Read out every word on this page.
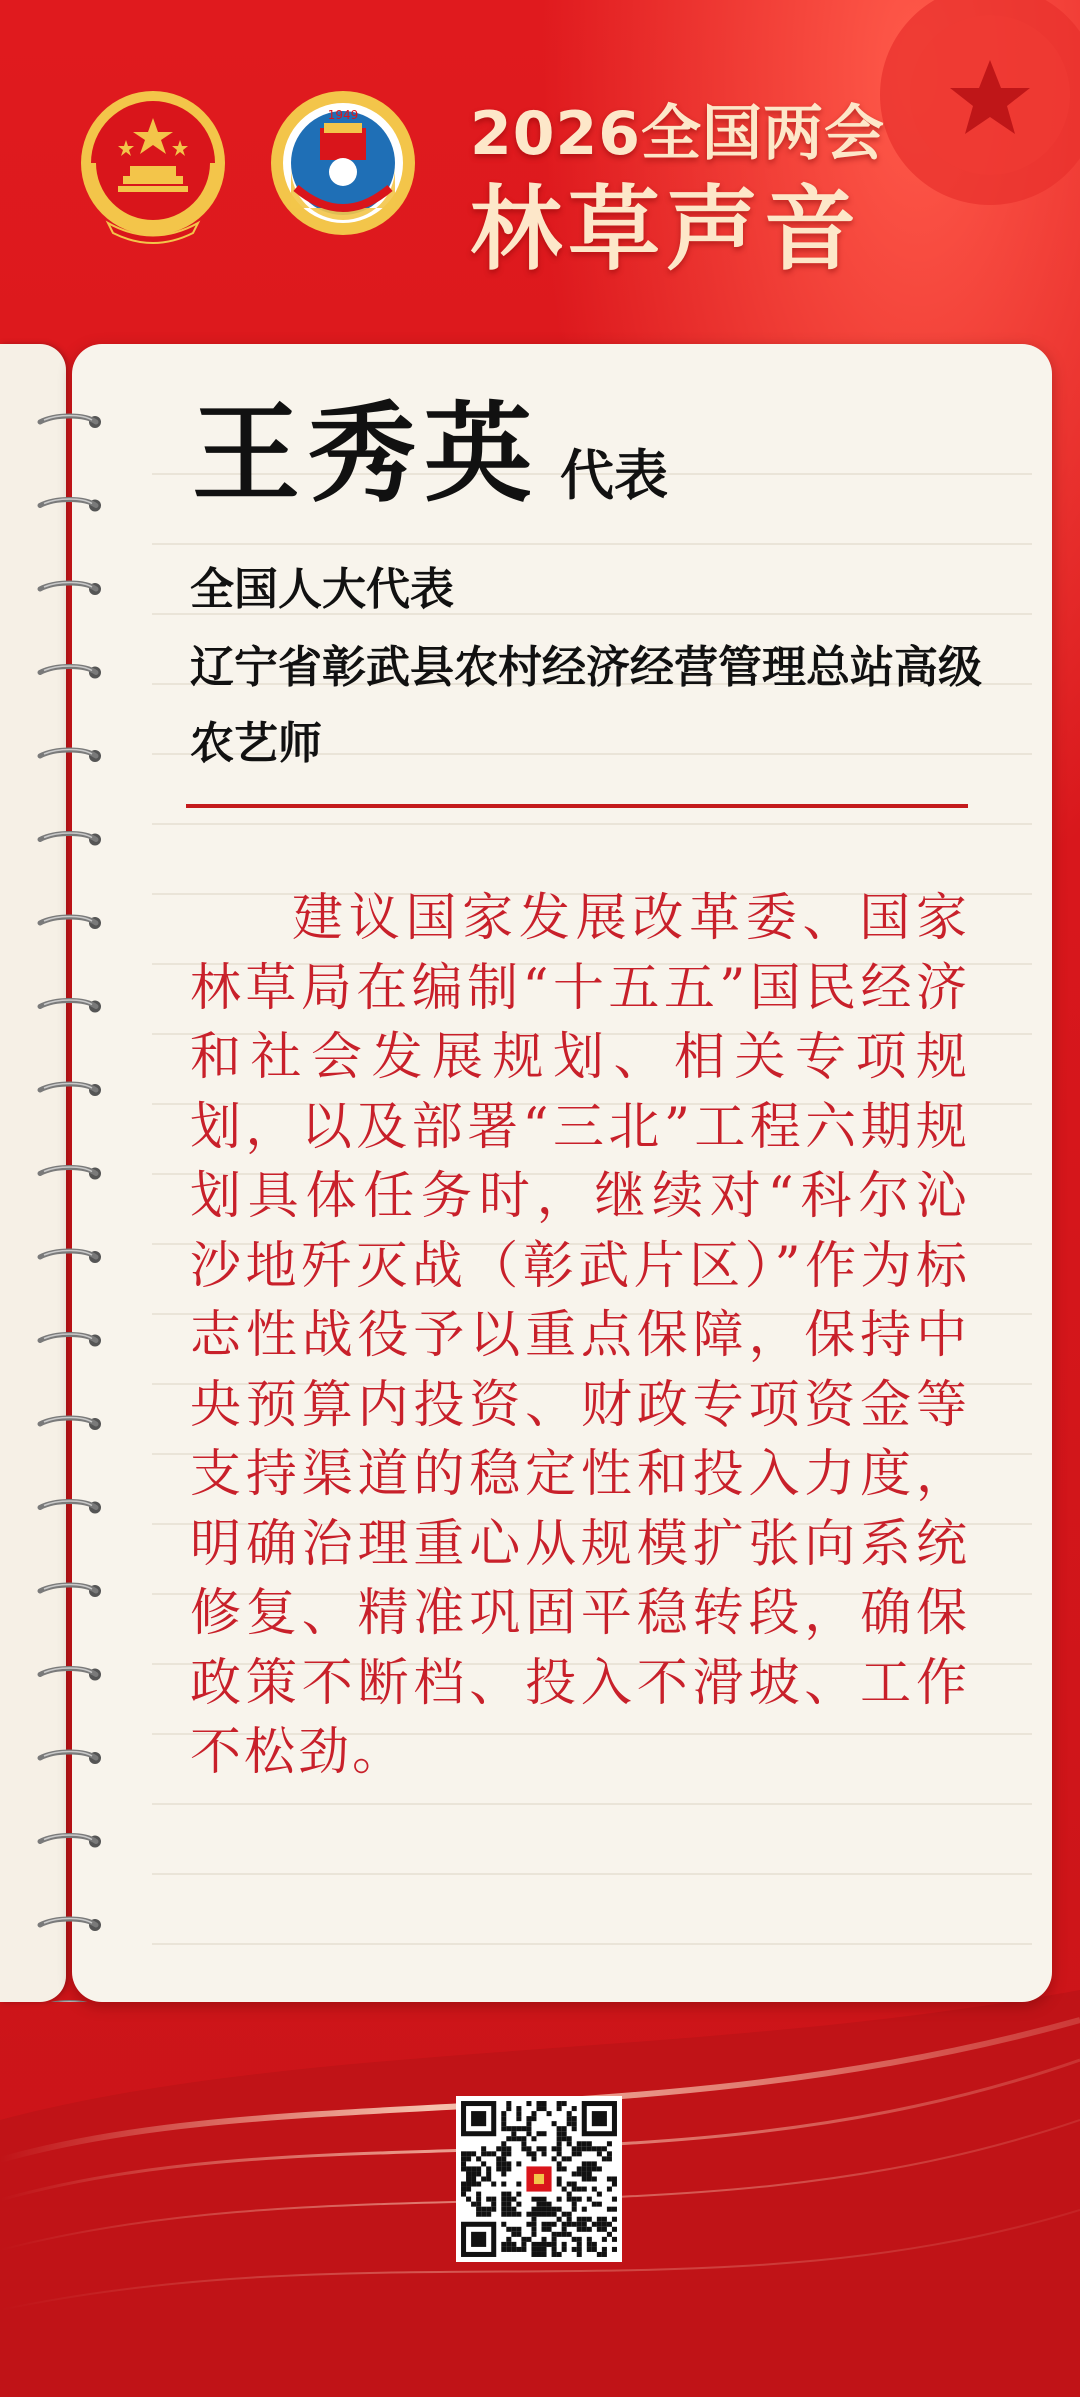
1949 2026全国两会
林草声音
王秀英 代表
全国人大代表
辽宁省彰武县农村经济经营管理总站高级
农艺师
建议国家发展改革委、国家林草局在编制“十五五”国民经济和社会发展规划、相关专项规划，以及部署“三北”工程六期规划具体任务时，继续对“科尔沁沙地歼灭战（彰武片区）”作为标志性战役予以重点保障，保持中央预算内投资、财政专项资金等支持渠道的稳定性和投入力度，明确治理重心从规模扩张向系统修复、精准巩固平稳转段，确保政策不断档、投入不滑坡、工作不松劲。
